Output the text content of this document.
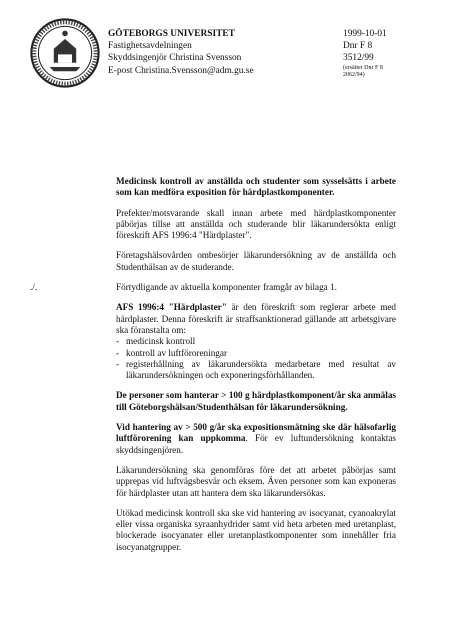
GÖTEBORGS UNIVERSITET
Fastighetsavdelningen
Skyddsingenjör Christina Svensson
E-post Christina.Svensson@adm.gu.se
1999-10-01
Dnr F 8
3512/99
(ersätter Dnr F 8
2062/94)

Medicinsk kontroll av anställda och studenter som sysselsätts i arbete som kan medföra exposition för härdplastkomponenter.

Prefekter/motsvarande skall innan arbete med härdplastkomponenter påbörjas tillse att anställda och studerande blir läkarundersökta enligt föreskrift AFS 1996:4 "Härdplaster".

Företagshälsovården ombesörjer läkarundersökning av de anställda och Studenthälsan av de studerande.

./.	Förtydligande av aktuella komponenter framgår av bilaga 1.

AFS 1996:4 "Härdplaster" är den föreskrift som reglerar arbete med härdplaster. Denna föreskrift är straffsanktionerad gällande att arbetsgivare ska föranstalta om:
- medicinsk kontroll
- kontroll av luftföroreningar
- registerhållning av läkarundersökta medarbetare med resultat av läkarundersökningen och exponeringsförhållanden.

De personer som hanterar > 100 g härdplastkomponent/år ska anmälas till Göteborgshälsan/Studenthälsan för läkarundersökning.

Vid hantering av > 500 g/år ska expositionsmätning ske där hälsofarlig luftförorening kan uppkomma. För ev luftundersökning kontaktas skyddsingenjören.

Läkarundersökning ska genomföras före det att arbetet påbörjas samt upprepas vid luftvägsbesvär och eksem. Även personer som kan exponeras för härdplaster utan att hantera dem ska läkarundersökas.

Utökad medicinsk kontroll ska ske vid hantering av isocyanat, cyanoakrylat eller vissa organiska syraanhydrider samt vid heta arbeten med uretanplast, blockerade isocyanater eller uretanplastkomponenter som innehåller fria isocyanatgrupper.
